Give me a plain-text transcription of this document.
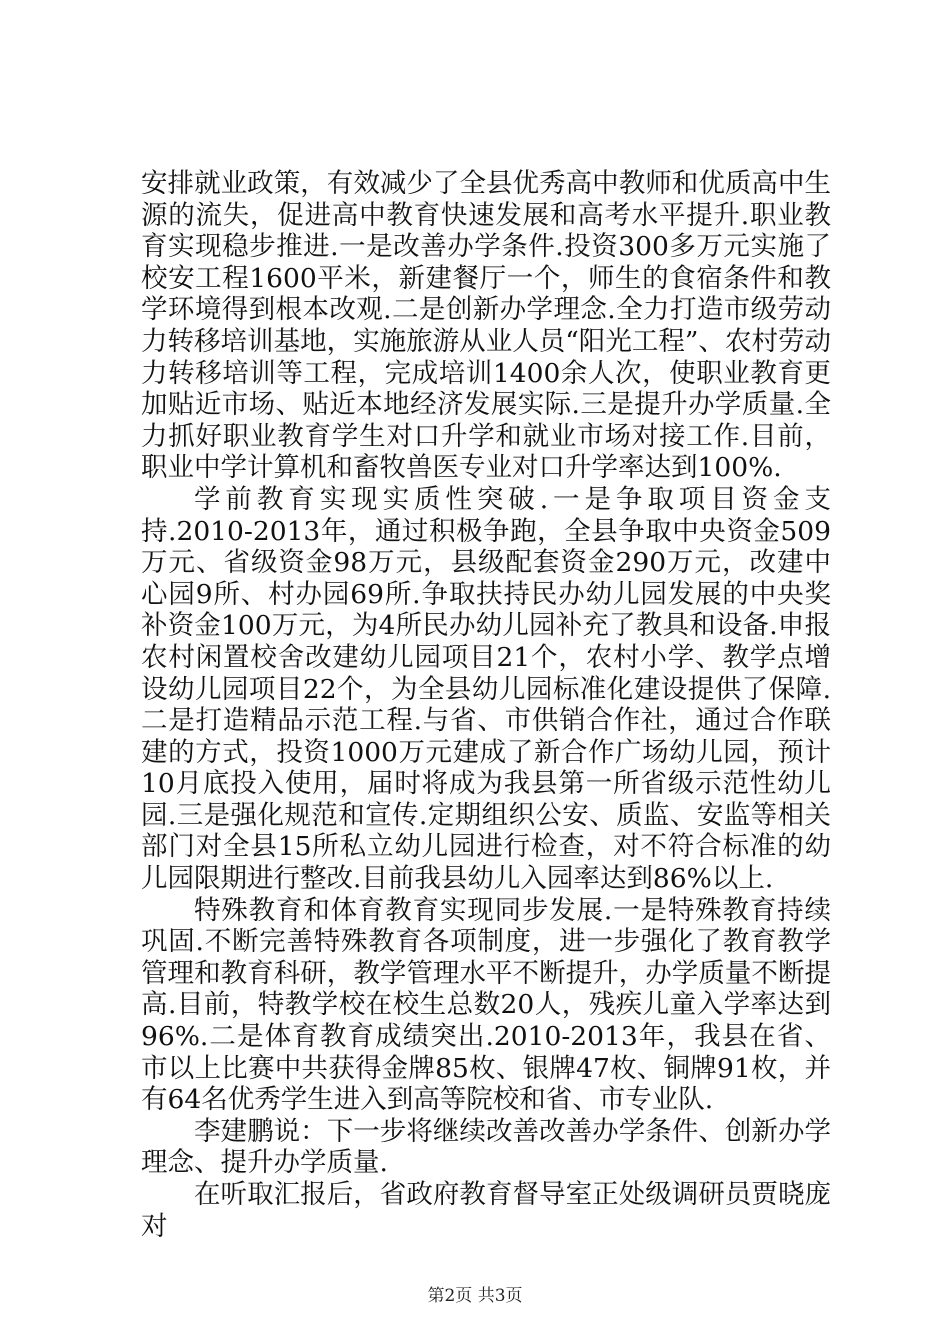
安排就业政策，有效减少了全县优秀高中教师和优质高中生源的流失，促进高中教育快速发展和高考水平提升.职业教育实现稳步推进.一是改善办学条件.投资300多万元实施了校安工程1600平米，新建餐厅一个，师生的食宿条件和教学环境得到根本改观.二是创新办学理念.全力打造市级劳动力转移培训基地，实施旅游从业人员“阳光工程”、农村劳动力转移培训等工程，完成培训1400余人次，使职业教育更加贴近市场、贴近本地经济发展实际.三是提升办学质量.全力抓好职业教育学生对口升学和就业市场对接工作.目前，职业中学计算机和畜牧兽医专业对口升学率达到100%.

学前教育实现实质性突破.一是争取项目资金支持.2010-2013年，通过积极争跑，全县争取中央资金509万元、省级资金98万元，县级配套资金290万元，改建中心园9所、村办园69所.争取扶持民办幼儿园发展的中央奖补资金100万元，为4所民办幼儿园补充了教具和设备.申报农村闲置校舍改建幼儿园项目21个，农村小学、教学点增设幼儿园项目22个，为全县幼儿园标准化建设提供了保障.二是打造精品示范工程.与省、市供销合作社，通过合作联建的方式，投资1000万元建成了新合作广场幼儿园，预计10月底投入使用，届时将成为我县第一所省级示范性幼儿园.三是强化规范和宣传.定期组织公安、质监、安监等相关部门对全县15所私立幼儿园进行检查，对不符合标准的幼儿园限期进行整改.目前我县幼儿入园率达到86%以上.

特殊教育和体育教育实现同步发展.一是特殊教育持续巩固.不断完善特殊教育各项制度，进一步强化了教育教学管理和教育科研，教学管理水平不断提升，办学质量不断提高.目前，特教学校在校生总数20人，残疾儿童入学率达到96%.二是体育教育成绩突出.2010-2013年，我县在省、市以上比赛中共获得金牌85枚、银牌47枚、铜牌91枚，并有64名优秀学生进入到高等院校和省、市专业队.

李建鹏说：下一步将继续改善改善办学条件、创新办学理念、提升办学质量.

在听取汇报后，省政府教育督导室正处级调研员贾晓庞对

第2页 共3页
